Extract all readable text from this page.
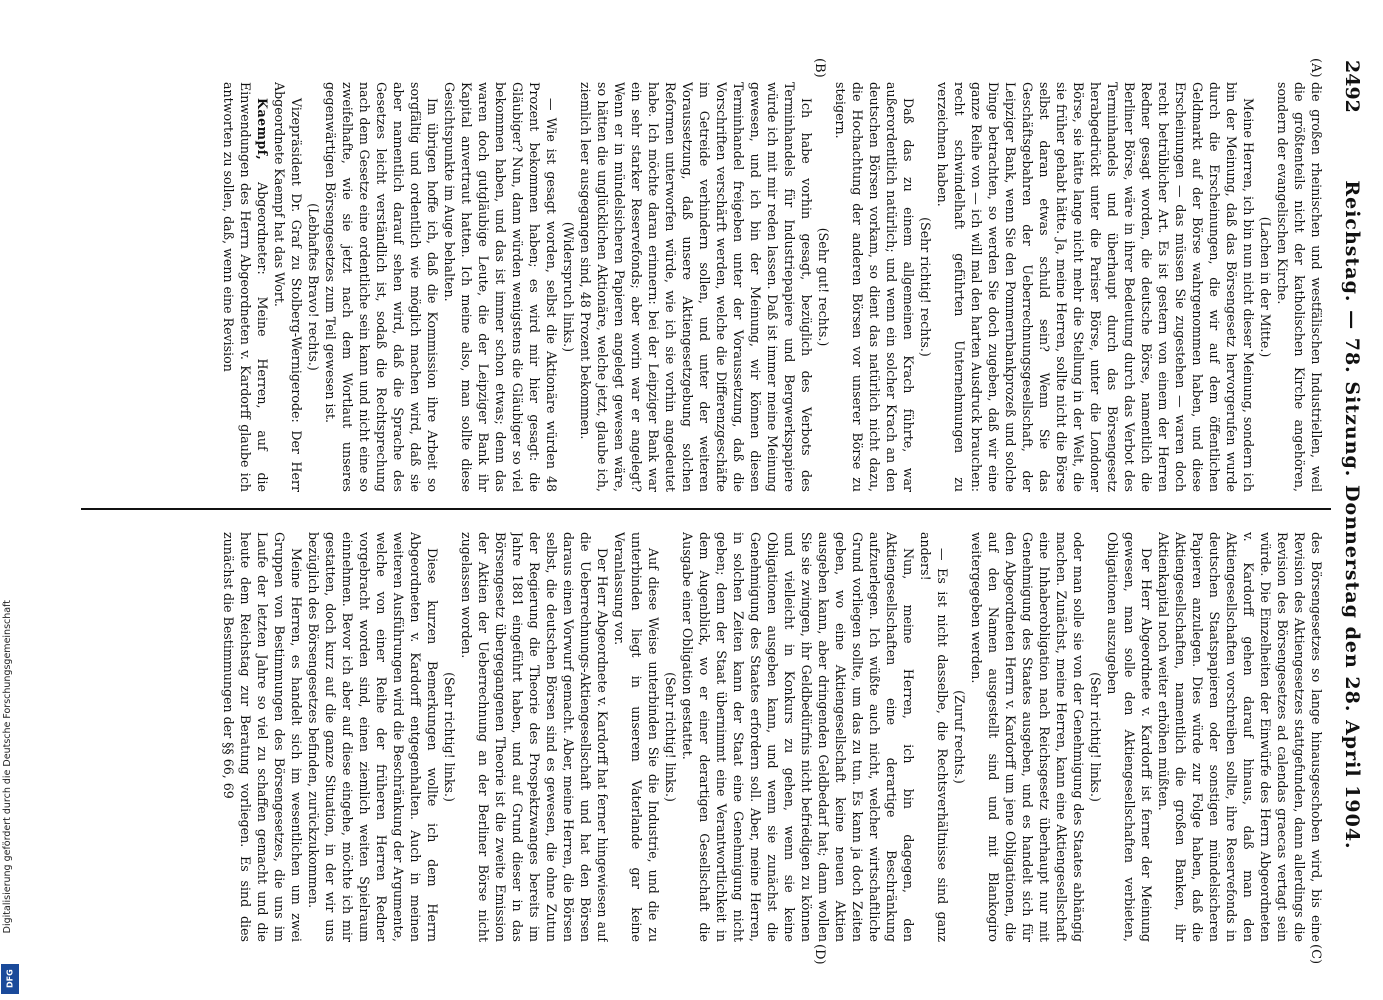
2492
Reichstag. — 78. Sitzung. Donnerstag den 28. April 1904.
(A)
(B)
(C)
(D)

die großen rheinischen und westfälischen Industriellen, weil die größtenteils nicht der katholischen Kirche angehören, sondern der evangelischen Kirche.

(Lachen in der Mitte.)

Meine Herren, ich bin nun nicht dieser Meinung, sondern ich bin der Meinung, daß das Börsengesetz hervorgerufen wurde durch die Erscheinungen, die wir auf dem öffentlichen Geldmarkt auf der Börse wahrgenommen haben, und diese Erscheinungen — das müssen Sie zugestehen — waren doch recht betrüblicher Art. Es ist gestern von einem der Herren Redner gesagt worden, die deutsche Börse, namentlich die Berliner Börse, wäre in ihrer Bedeutung durch das Verbot des Terminhandels und überhaupt durch das Börsengesetz herabgedrückt unter die Pariser Börse, unter die Londoner Börse, sie hätte lange nicht mehr die Stellung in der Welt, die sie früher gehabt hätte. Ja, meine Herren, sollte nicht die Börse selbst daran etwas schuld sein? Wenn Sie das Geschäftsgebahren der Ueberrechnungsgesellschaft, der Leipziger Bank, wenn Sie den Pommernbankprozeß und solche Dinge betrachten, so werden Sie doch zugeben, daß wir eine ganze Reihe von — ich will mal den harten Ausdruck brauchen: recht schwindelhaft geführten Unternehmungen zu verzeichnen haben.

(Sehr richtig! rechts.)

Daß das zu einem allgemeinen Krach führte, war außerordentlich natürlich; und wenn ein solcher Krach an den deutschen Börsen vorkam, so dient das natürlich nicht dazu, die Hochachtung der anderen Börsen vor unserer Börse zu steigern.

(Sehr gut! rechts.)

Ich habe vorhin gesagt, bezüglich des Verbots des Terminhandels für Industriepapiere und Bergwerkspapiere würde ich mit mir reden lassen. Daß ist immer meine Meinung gewesen, und ich bin der Meinung, wir können diesen Terminhandel freigeben unter der Voraussetzung, daß die Vorschriften verschärft werden, welche die Differenzgeschäfte im Getreide verhindern sollen, und unter der weiteren Voraussetzung, daß unsere Aktiengesetzgebung solchen Reformen unterworfen würde, wie ich sie vorhin angedeutet habe. Ich möchte daran erinnern: bei der Leipziger Bank war ein sehr starker Reservefonds; aber worin war er angelegt? Wenn er in mündelsicheren Papieren angelegt gewesen wäre, so hätten die unglücklichen Aktionäre, welche jetzt, glaube ich, ziemlich leer ausgegangen sind, 48 Prozent bekommen.

(Widerspruch links.)

— Wie ist gesagt worden, selbst die Aktionäre würden 48 Prozent bekommen haben; es wird mir hier gesagt: die Gläubiger? Nun, dann würden wenigstens die Gläubiger so viel bekommen haben, und das ist immer schon etwas; denn das waren doch gutgläubige Leute, die der Leipziger Bank ihr Kapital anvertraut hatten. Ich meine also, man sollte diese Gesichtspunkte im Auge behalten.

Im übrigen hoffe ich, daß die Kommission ihre Arbeit so sorgfältig und ordentlich wie möglich machen wird, daß sie aber namentlich darauf sehen wird, daß die Sprache des Gesetzes leicht verständlich ist, sodaß die Rechtsprechung nach dem Gesetze eine ordentliche sein kann und nicht eine so zweifelhafte, wie sie jetzt nach dem Wortlaut unseres gegenwärtigen Börsengesetzes zum Teil gewesen ist.

(Lebhaftes Bravo! rechts.)

Vizepräsident Dr. Graf zu Stolberg-Wernigerode: Der Herr Abgeordnete Kaempf hat das Wort.

Kaempf, Abgeordneter: Meine Herren, auf die Einwendungen des Herrn Abgeordneten v. Kardorff glaube ich antworten zu sollen, daß, wenn eine Revision

des Börsengesetzes so lange hinausgeschoben wird, bis eine Revision des Aktiengesetzes stattgefunden, dann allerdings die Revision des Börsengesetzes ad calendas graecas vertagt sein würde. Die Einzelheiten der Einwürfe des Herrn Abgeordneten v. Kardorff gehen darauf hinaus, daß man den Aktiengesellschaften vorschreiben sollte, ihre Reservefonds in deutschen Staatspapieren oder sonstigen mündelsicheren Papieren anzulegen. Dies würde zur Folge haben, daß die Aktiengesellschaften, namentlich die großen Banken, ihr Aktienkapital noch weiter erhöhen müßten.

Der Herr Abgeordnete v. Kardorff ist ferner der Meinung gewesen, man solle den Aktiengesellschaften verbieten, Obligationen auszugeben

(Sehr richtig! links.)

oder man solle sie von der Genehmigung des Staates abhängig machen. Zunächst, meine Herren, kann eine Aktiengesellschaft eine Inhaberobligation nach Reichsgesetz überhaupt nur mit Genehmigung des Staates ausgeben, und es handelt sich für den Abgeordneten Herrn v. Kardorff um jene Obligationen, die auf den Namen ausgestellt sind und mit Blankogiro weitergegeben werden.

(Zuruf rechts.)

— Es ist nicht dasselbe, die Rechtsverhältnisse sind ganz anders!

Nun, meine Herren, ich bin dagegen, den Aktiengesellschaften eine derartige Beschränkung aufzuerlegen. Ich wüßte auch nicht, welcher wirtschaftliche Grund vorliegen sollte, um das zu tun. Es kann ja doch Zeiten geben, wo eine Aktiengesellschaft keine neuen Aktien ausgeben kann, aber dringenden Geldbedarf hat; dann wollen Sie sie zwingen, ihr Geldbedürfnis nicht befriedigen zu können und vielleicht in Konkurs zu gehen, wenn sie keine Obligationen ausgeben kann, und wenn sie zunächst die Genehmigung des Staates erfordern soll. Aber, meine Herren, in solchen Zeiten kann der Staat eine Genehmigung nicht geben; denn der Staat übernimmt eine Verantwortlichkeit in dem Augenblick, wo er einer derartigen Gesellschaft die Ausgabe einer Obligation gestattet.

(Sehr richtig! links.)

Auf diese Weise unterbinden Sie die Industrie, und die zu unterbinden liegt in unserem Vaterlande gar keine Veranlassung vor.

Der Herr Abgeordnete v. Kardorff hat ferner hingewiesen auf die Ueberrechnungs-Aktiengesellschaft und hat den Börsen daraus einen Vorwurf gemacht. Aber, meine Herren, die Börsen selbst, die deutschen Börsen sind es gewesen, die ohne Zutun der Regierung die Theorie des Prospektzwanges bereits im Jahre 1881 eingeführt haben, und auf Grund dieser in das Börsengesetz übergegangenen Theorie ist die zweite Emission der Aktien der Ueberrechnung an der Berliner Börse nicht zugelassen worden.

(Sehr richtig! links.)

Diese kurzen Bemerkungen wollte ich dem Herrn Abgeordneten v. Kardorff entgegenhalten. Auch in meinen weiteren Ausführungen wird die Beschränkung der Argumente, welche von einer Reihe der früheren Herren Redner vorgebracht worden sind, einen ziemlich weiten Spielraum einnehmen. Bevor ich aber auf diese eingehe, möchte ich mir gestatten, doch kurz auf die ganze Situation, in der wir uns bezüglich des Börsengesetzes befinden, zurückzukommen.

Meine Herren, es handelt sich im wesentlichen um zwei Gruppen von Bestimmungen des Börsengesetzes, die uns im Laufe der letzten Jahre so viel zu schaffen gemacht und die heute dem Reichstag zur Beratung vorliegen. Es sind dies zunächst die Bestimmungen der §§ 66, 69

Digitalisierung gefördert durch die Deutsche Forschungsgemeinschaft
DFG
